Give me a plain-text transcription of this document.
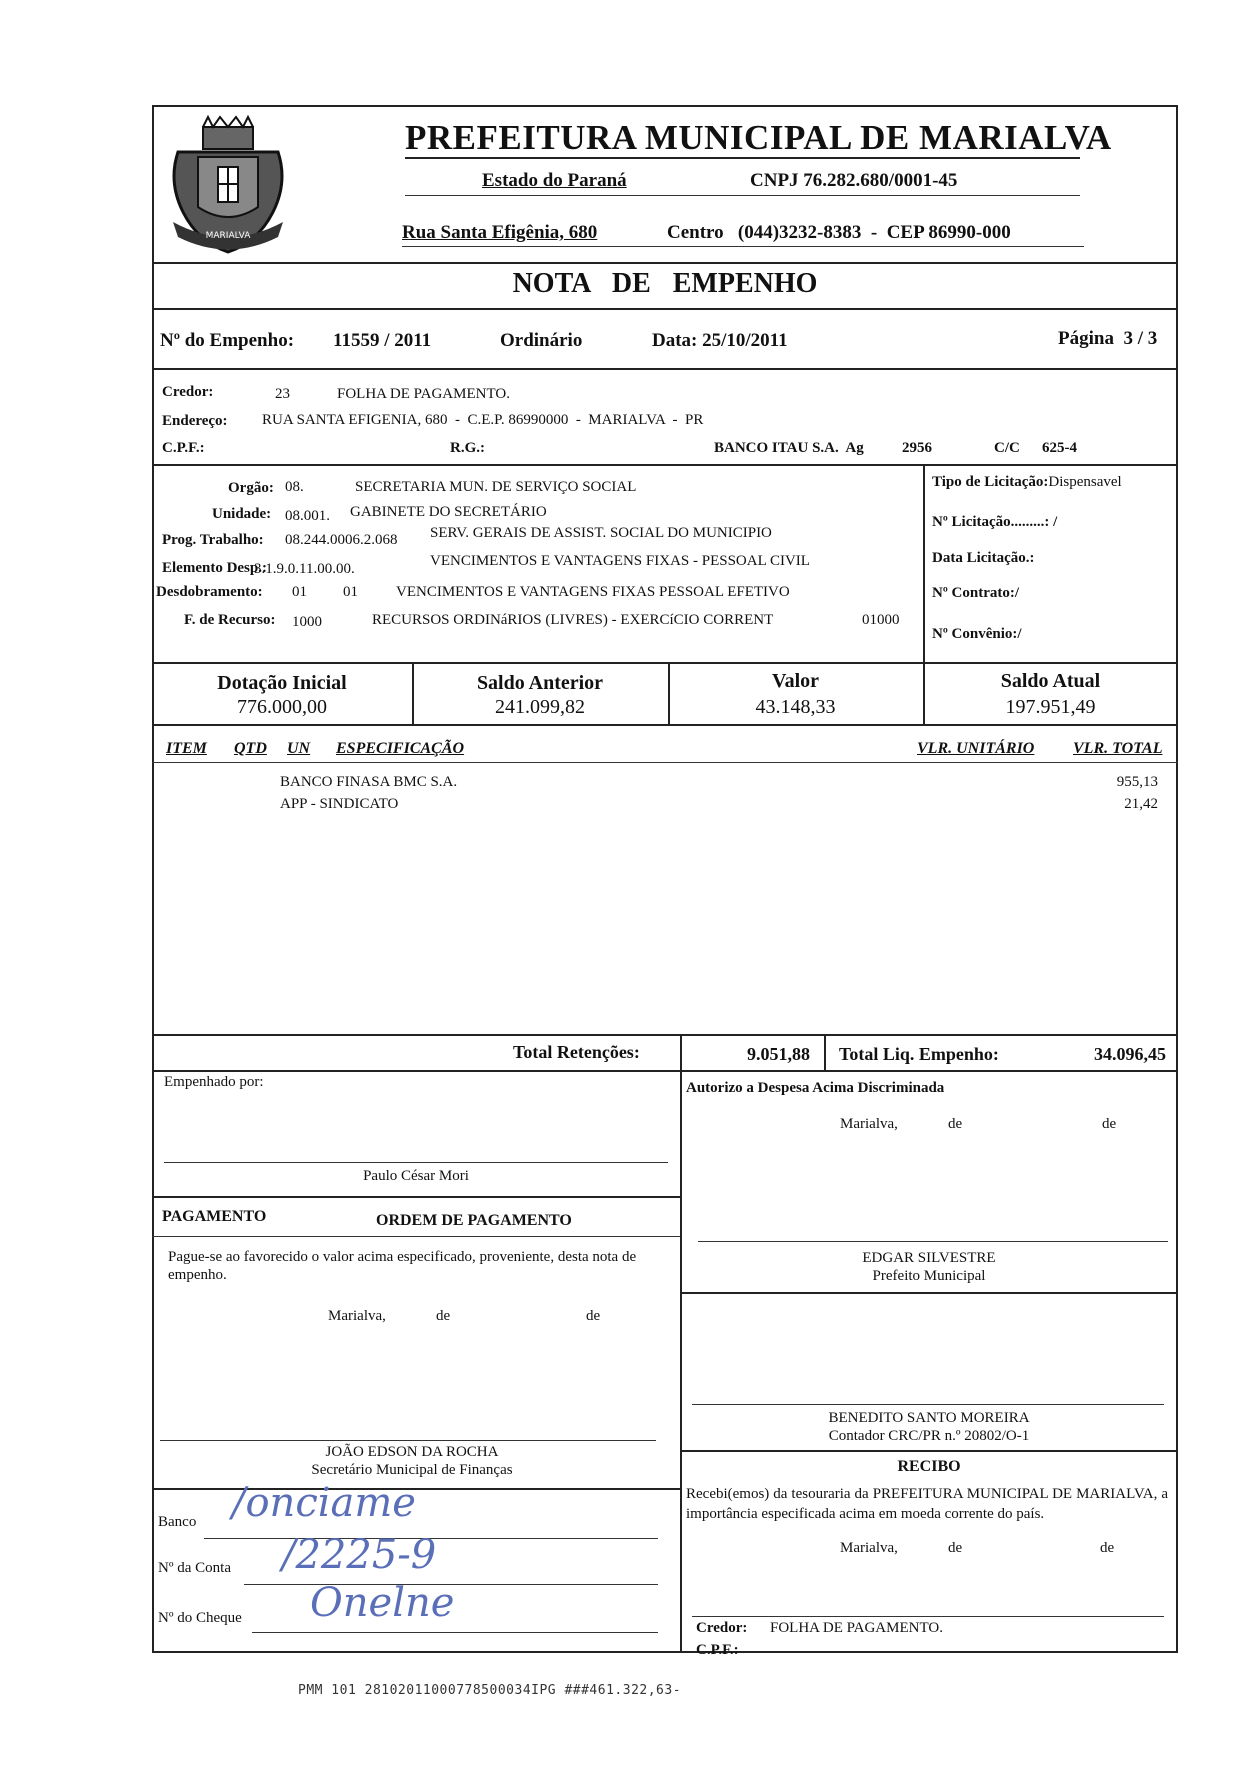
MARIALVA
PREFEITURA MUNICIPAL DE MARIALVA
Estado do Paraná	CNPJ 76.282.680/0001-45
Rua Santa Efigênia, 680	Centro   (044)3232-8383  -  CEP 86990-000
NOTA  DE  EMPENHO
Nº do Empenho: 11559 / 2011	Ordinário	Data: 25/10/2011	Página  3 / 3
Credor:	23	FOLHA DE PAGAMENTO.
Endereço: RUA SANTA EFIGENIA, 680  -  C.E.P. 86990000  -  MARIALVA  -  PR
C.P.F.:	R.G.:	BANCO ITAU S.A.  Ag	2956	C/C 625-4
Orgão: 08.	SECRETARIA MUN. DE SERVIÇO SOCIAL
Unidade: 08.001. GABINETE DO SECRETÁRIO
Prog. Trabalho: 08.244.0006.2.068 SERV. GERAIS DE ASSIST. SOCIAL DO MUNICIPIO
Elemento Desp.:
3.1.9.0.11.00.00.	VENCIMENTOS E VANTAGENS FIXAS - PESSOAL CIVIL
Desdobramento: 01 01	VENCIMENTOS E VANTAGENS FIXAS PESSOAL EFETIVO
F. de Recurso: 1000	RECURSOS ORDINáRIOS (LIVRES) - EXERCíCIO CORRENT	01000
Tipo de Licitação:Dispensavel
Nº Licitação.........: /
Data Licitação.:
Nº Contrato:/
Nº Convênio:/
Dotação Inicial
776.000,00
Saldo Anterior
241.099,82
Valor
43.148,33
Saldo Atual
197.951,49
ITEM QTD UN ESPECIFICAÇÃO	VLR. UNITÁRIO VLR. TOTAL
BANCO FINASA BMC S.A.	955,13
APP - SINDICATO	21,42
Total Retenções:	9.051,88 Total Liq. Empenho:	34.096,45
Empenhado por:
Paulo César Mori
Autorizo a Despesa Acima Discriminada
Marialva,	de	de
EDGAR SILVESTRE
Prefeito Municipal
BENEDITO SANTO MOREIRA
Contador CRC/PR n.º 20802/O-1
PAGAMENTO	ORDEM DE PAGAMENTO
Pague-se ao favorecido o valor acima especificado, proveniente, desta nota de empenho.
Marialva,	de	de
JOÃO EDSON DA ROCHA
Secretário Municipal de Finanças
Banco /onciame
Nº da Conta /2225-9
Nº do Cheque Onelne
RECIBO
Recebi(emos) da tesouraria da PREFEITURA MUNICIPAL DE MARIALVA, a importância especificada acima em moeda corrente do país.
Marialva,	de	de
Credor: FOLHA DE PAGAMENTO.
C.P.F.:
PMM 101 28102011000778500034IPG ###461.322,63-
